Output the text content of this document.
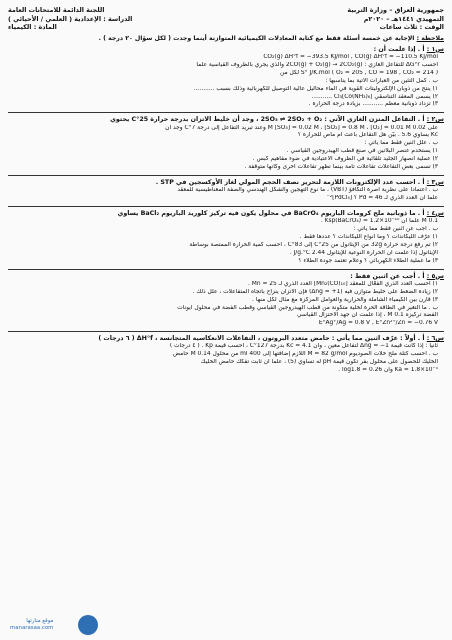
جمهورية العراق – وزارة التربية
التمهيدي ١٤٤١هـ – ٢٠٢٠م
الوقت : ثلاث ساعات
اللجنة الدائمة للامتحانات العامة
الدراسة : الإعدادية ( العلمي / الأحيائي )
المادة : الكيمياء
ملاحظة : الإجابة عن خمسة أسئلة فقط مع كتابة المعادلات الكيميائية المتوازنة أينما وجدت ( لكل سؤال ٢٠ درجة ) .
س١ : أ . إذا علمت أن :
CO₂(g) ΔH°f = −393.5 KJ/mol , CO(g) ΔH°f = −110.5 KJ/mol
احسب ΔG°r للتفاعل الغازي : 2CO(g) + O₂(g) → 2CO₂(g) والذي يجري بالظروف القياسية علماً
S° J/K.mol ( O₂ = 205 , CO = 198 , CO₂ = 214 ) لكل من
ب . كمل التثين من العبارات الآتية بما يناسبها :
١) ينتج من ذوبان الإلكتروليتات القوية في الماء محاليل عالية التوصيل للكهربائية وذلك بسبب ...........
٢) يسمى المعقد التناسقي [Co(NH₃)₆]Cl₃ ...........
٣) تزداد ذوبانية معظم ........... بزيادة درجة الحرارة .
س٢ : أ . التفاعل المتزن الغازي الآتي : 2SO₃ ⇌ 2SO₂ + O₂ ، وجد أن خليط الاتزان بدرجة حرارة 25°C يحتوي
على 0.02 M [SO₃] = 0.02 M ، [SO₂] = 0.8 M ، [O₂] = 0.01 M وعند تبريد التفاعل إلى درجة 7°C وجد أن
Kc يساوي 5.6 . بيّن هل التفاعل باعث أم ماص للحرارة ؟
ب . علل اثنين فقط مما يأتي :
١) يستخدم عنصر البلاتين في صنع قطب الهيدروجين القياسي .
٢) عملية انصهار الجليد تلقائية في الظروف الاعتيادية في ضوء مفاهيم كبس .
٣) تسمى بعض التفاعلات تفاعلات تامة بينما تظهر تفاعلات أخرى وكأنها متوقفة .
س٣ : أ . احسب عدد الإلكترونات اللازمة لتحرير نصف الحجم المولي لغاز الأوكسجين في STP .
ب . اعتماداً على نظرية آصرة التكافؤ (VBT) ، ما نوع التهجين والشكل الهندسي والصفة المغناطيسية للمعقد
علماً أن العدد الذري لـ Pd = 46 ؟ [PdCl₄]²⁻
س٤ : أ . ما ذوبانية ملح كرومات الباريوم BaCrO₄ في محلول يكون فيه تركيز كلوريد الباريوم BaCl₂ يساوي
0.1 M علماً أن Ksp(BaCrO₄) = 1.2×10⁻¹⁰ .
ب . أجب عن اثنين فقط مما يأتي :
١) عرّف الليكاندات ؟ وما أنواع الليكاندات ؟ عددها فقط .
٢) تم رفع درجة حرارة 32g من الإيثانول من 25°C إلى 83°C ، احسب كمية الحرارة الممتصة بوساطة
الإيثانول إذا علمت أن الحرارة النوعية للإيثانول 2.44 J/g.°C .
٣) ما عملية الطلاء الكهربائي ؟ وعلام تعتمد جودة الطلاء ؟
س٥ : أ . أجب عن اثنين فقط :
١) احسب العدد الذري الفعّال للمعقد [Mn₂(CO)₁₀] العدد الذري لـ Mn = 25 .
٢) زيادة الضغط على خليط متوازن فيه (Δng = +1) فإن الاتزان ينزاح باتجاه المتفاعلات ، علل ذلك .
٣) قارن بين الكيمياء الشاملة والحرارية والعوامل المركزة مع مثال لكل منها .
ب . ما التغير في الطاقة الحرة لخلية متكونة من قطب الهيدروجين القياسي وقطب الفضة في محلول أيونات
الفضة تركيزه 0.1 M ، إذا علمت أن جهد الاختزال القياسي
E°Ag⁺/Ag = 0.8 V , E°Zn²⁺/Zn = −0.76 V
س٦ : أ . أولاً : عرّف اثنين مما يأتي : حامض متعدد البروتون ، التفاعلات الانعكاسية المتجانسة ، ΔH°f ( ٦ درجات )
ثانياً : إذا كانت قيمة Δng = −1 لتفاعل معين ، وأن Kc = 4.1 بدرجة 127°C ، احسب قيمة Kp . ( ٤ درجات )
ب . احسب كتلة ملح خلات الصوديوم M = 82 g/mol اللازم إضافتها إلى 400 ml من محلول 0.14 M حامض
الخليك للحصول على محلول بفر تكون قيمة pH له تساوي (5) ، علماً أن ثابت تفكك حامض الخليك
Ka = 1.8×10⁻⁵ وأن log1.8 = 0.26 .
موقع منارتها
manarasaa.com
